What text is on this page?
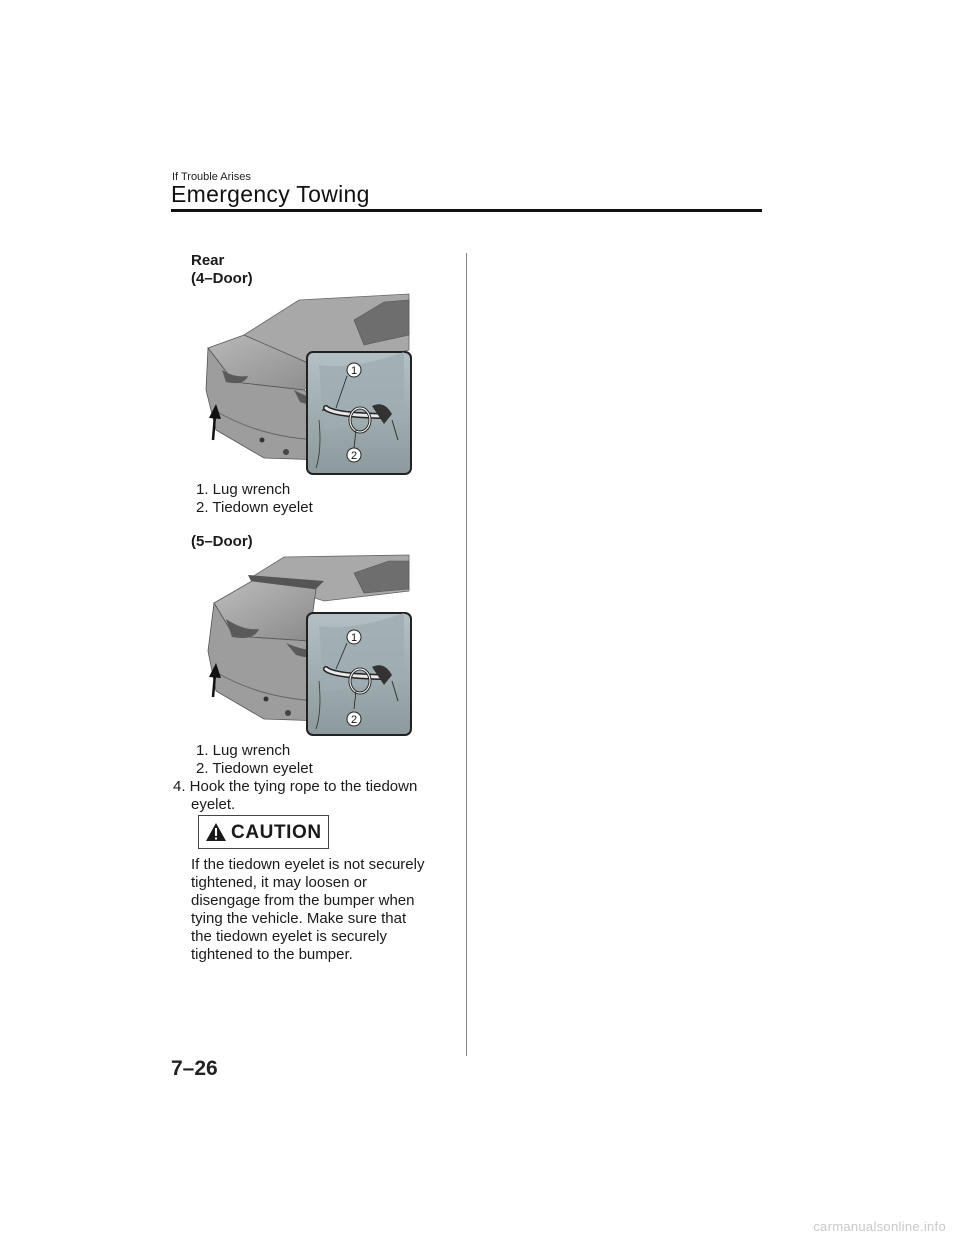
If Trouble Arises
Emergency Towing
Rear
(4–Door)
1
2
1. Lug wrench
2. Tiedown eyelet
(5–Door)
1
2
1. Lug wrench
2. Tiedown eyelet
4. Hook the tying rope to the tiedown
eyelet.
CAUTION
If the tiedown eyelet is not securely
tightened, it may loosen or
disengage from the bumper when
tying the vehicle. Make sure that
the tiedown eyelet is securely
tightened to the bumper.
7–26
carmanualsonline.info
